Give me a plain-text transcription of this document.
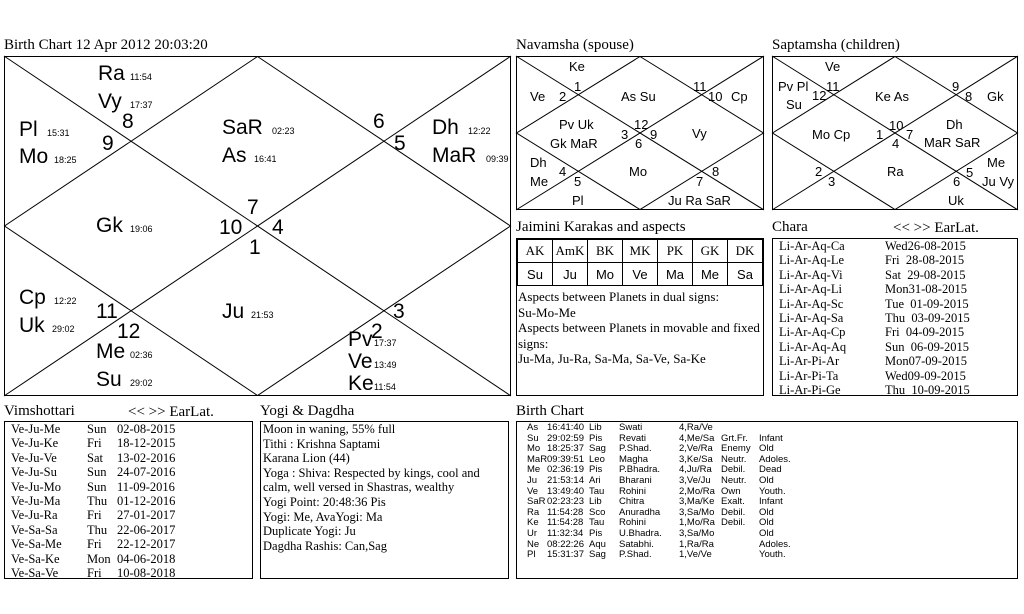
Birth Chart 12 Apr 2012 20:03:20
8
9
6
5
7
10 4
1
11
12
3
2
Ra 11:54
Vy 17:37
Pl 15:31
Mo 18:25
SaR 02:23
As 16:41
Dh 12:22
MaR 09:39
Gk 19:06
Cp 12:22
Uk 29:02
Ju 21:53
Me 02:36
Su 29:02
Pv 17:37
Ve 13:49
Ke 11:54
Navamsha (spouse)
Ke
Ve 2
1
As Su
11
10 Cp
Pv Uk
Gk MaR
12
3 9
6
Vy
Dh
Me
4
5
Mo	8
7
Pl	Ju Ra SaR
Saptamsha (children)
Ve
Pv Pl
Su
12
11
Ke As
9
8 Gk
Mo Cp 1
10
7
4
Dh
MaR SaR
2
3
Ra
6
5
Me
Ju Vy
Uk
Jaimini Karakas and aspects
AK	AmK	BK	MK	PK	GK	DK
Su	Ju	Mo	Ve	Ma	Me	Sa
Aspects between Planets in dual signs:
Su-Mo-Me
Aspects between Planets in movable and fixed signs:
Ju-Ma, Ju-Ra, Sa-Ma, Sa-Ve, Sa-Ke
Chara	<< >> EarLat.
Li-Ar-Aq-Ca	Wed26-08-2015
Li-Ar-Aq-Le	Fri  28-08-2015
Li-Ar-Aq-Vi	Sat  29-08-2015
Li-Ar-Aq-Li	Mon31-08-2015
Li-Ar-Aq-Sc	Tue  01-09-2015
Li-Ar-Aq-Sa	Thu  03-09-2015
Li-Ar-Aq-Cp	Fri  04-09-2015
Li-Ar-Aq-Aq	Sun  06-09-2015
Li-Ar-Pi-Ar	Mon07-09-2015
Li-Ar-Pi-Ta	Wed09-09-2015
Li-Ar-Pi-Ge	Thu  10-09-2015
Vimshottari	<< >> EarLat.
Ve-Ju-Me Sun 02-08-2015
Ve-Ju-Ke Fri 18-12-2015
Ve-Ju-Ve Sat 13-02-2016
Ve-Ju-Su Sun 24-07-2016
Ve-Ju-Mo Sun 11-09-2016
Ve-Ju-Ma Thu 01-12-2016
Ve-Ju-Ra Fri 27-01-2017
Ve-Sa-Sa Thu 22-06-2017
Ve-Sa-Me Fri 22-12-2017
Ve-Sa-Ke Mon 04-06-2018
Ve-Sa-Ve Fri 10-08-2018
Yogi & Dagdha
Moon in waning, 55% full
Tithi : Krishna Saptami
Karana Lion (44)
Yoga : Shiva: Respected by kings, cool and calm, well versed in Shastras, wealthy
Yogi Point: 20:48:36 Pis
Yogi: Me, AvaYogi: Ma
Duplicate Yogi: Ju
Dagdha Rashis: Can,Sag
Birth Chart
As 16:41:40 Lib Swati	4,Ra/Ve
Su 29:02:59 Pis Revati	4,Me/Sa Grt.Fr. Infant
Mo 18:25:37 Sag P.Shad.	2,Ve/Ra Enemy Old
MaR09:39:51 Leo Magha	3,Ke/Sa Neutr. Adoles.
Me 02:36:19 Pis P.Bhadra. 4,Ju/Ra Debil. Dead
Ju 21:53:14 Ari Bharani	3,Ve/Ju Neutr. Old
Ve 13:49:40 Tau Rohini	2,Mo/Ra Own Youth.
SaR 02:23:23 Lib Chitra	3,Ma/Ke Exalt. Infant
Ra 11:54:28 Sco Anuradha 3,Sa/Mo Debil. Old
Ke 11:54:28 Tau Rohini	1,Mo/Ra Debil. Old
Ur 11:32:34 Pis U.Bhadra. 3,Sa/Mo	Old
Ne 08:22:26 Aqu Satabhi.	1,Ra/Ra	Adoles.
Pl 15:31:37 Sag P.Shad.	1,Ve/Ve	Youth.
